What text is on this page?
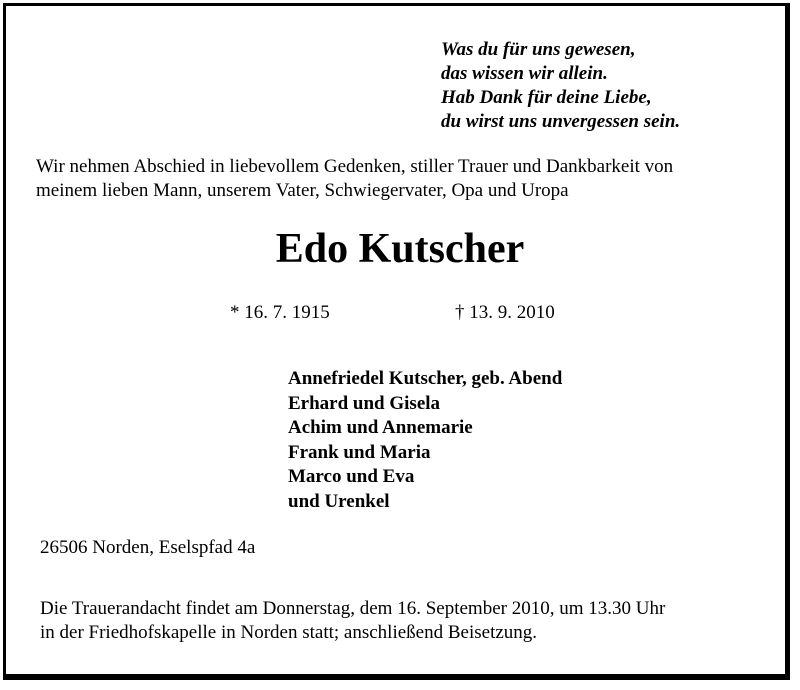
Was du für uns gewesen,
das wissen wir allein.
Hab Dank für deine Liebe,
du wirst uns unvergessen sein.
Wir nehmen Abschied in liebevollem Gedenken, stiller Trauer und Dankbarkeit von
meinem lieben Mann, unserem Vater, Schwiegervater, Opa und Uropa
Edo Kutscher
* 16. 7. 1915	† 13. 9. 2010
Annefriedel Kutscher, geb. Abend
Erhard und Gisela
Achim und Annemarie
Frank und Maria
Marco und Eva
und Urenkel
26506 Norden, Eselspfad 4a
Die Trauerandacht findet am Donnerstag, dem 16. September 2010, um 13.30 Uhr
in der Friedhofskapelle in Norden statt; anschließend Beisetzung.
